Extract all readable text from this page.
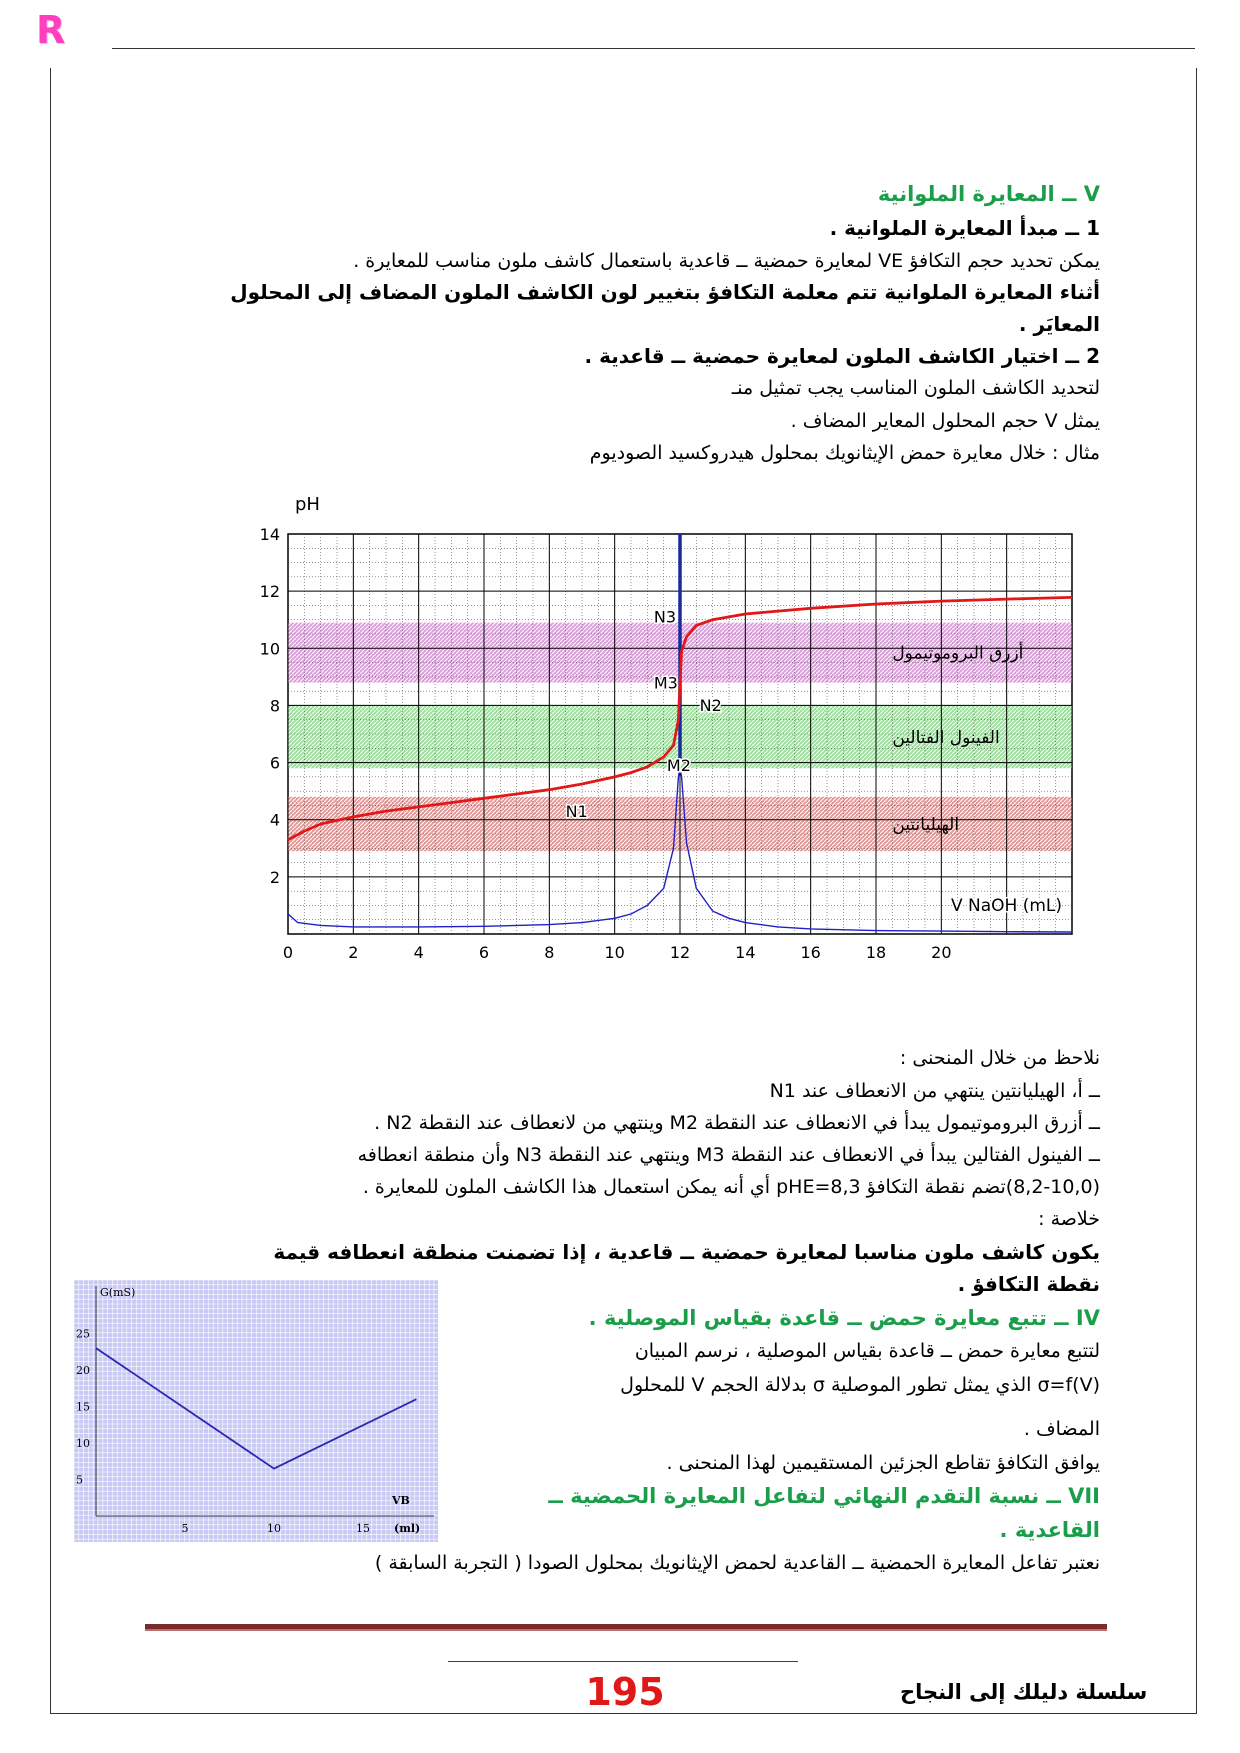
R
V ــ المعايرة الملوانية
1 ــ مبدأ المعايرة الملوانية .
يمكن تحديد حجم التكافؤ VE لمعايرة حمضية ــ قاعدية باستعمال كاشف ملون مناسب للمعايرة .
أثناء المعايرة الملوانية تتم معلمة التكافؤ بتغيير لون الكاشف الملون المضاف إلى المحلول
المعايَر .
2 ــ اختيار الكاشف الملون لمعايرة حمضية ــ قاعدية .
لتحديد الكاشف الملون المناسب يجب تمثيل منـ
يمثل V حجم المحلول المعاير المضاف .
مثال : خلال معايرة حمض الإيثانويك بمحلول هيدروكسيد الصوديوم
أزرق البروموتيمول
الفينول الفتالين
الهيليانتين
N3
M3
N2
M2
N1
0	2	4	6	8	10	12	14	16	18	20
2
4
6
8
10
12
14
pH
V NaOH (mL)
نلاحظ من خلال المنحنى :
ــ أ، الهيليانتين ينتهي من الانعطاف عند N1
ــ أزرق البروموتيمول يبدأ في الانعطاف عند النقطة M2 وينتهي من لانعطاف عند النقطة N2 .
ــ الفينول الفتالين يبدأ في الانعطاف عند النقطة M3 وينتهي عند النقطة N3 وأن منطقة انعطافه
(8,2-10,0)تضم نقطة التكافؤ pHE=8,3 أي أنه يمكن استعمال هذا الكاشف الملون للمعايرة .
خلاصة :
يكون كاشف ملون مناسبا لمعايرة حمضية ــ قاعدية ، إذا تضمنت منطقة انعطافه قيمة
نقطة التكافؤ .
G(mS)
25
20
15
10
5
5	10	15
VB
(ml)
IV ــ تتبع معايرة حمض ــ قاعدة بقياس الموصلية .
لتتبع معايرة حمض ــ قاعدة بقياس الموصلية ، نرسم المبيان
σ=f(V) الذي يمثل تطور الموصلية σ بدلالة الحجم V للمحلول
المضاف .
يوافق التكافؤ تقاطع الجزئين المستقيمين لهذا المنحنى .
VII ــ نسبة التقدم النهائي لتفاعل المعايرة الحمضية ــ
القاعدية .
نعتبر تفاعل المعايرة الحمضية ــ القاعدية لحمض الإيثانويك بمحلول الصودا ( التجربة السابقة )
195	سلسلة دليلك إلى النجاح
